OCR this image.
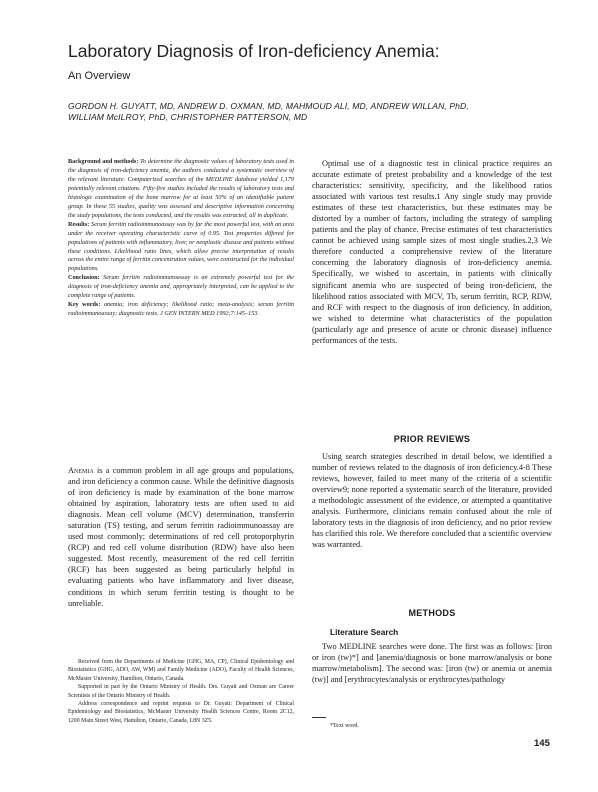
Laboratory Diagnosis of Iron-deficiency Anemia:
An Overview
GORDON H. GUYATT, MD, ANDREW D. OXMAN, MD, MAHMOUD ALI, MD, ANDREW WILLAN, PhD, WILLIAM McILROY, PhD, CHRISTOPHER PATTERSON, MD

Background and methods: To determine the diagnostic values of laboratory tests used in the diagnosis of iron-deficiency anemia, the authors conducted a systematic overview of the relevant literature. Computerized searches of the MEDLINE database yielded 1,179 potentially relevant citations. Fifty-five studies included the results of laboratory tests and histologic examination of the bone marrow for at least 50% of an identifiable patient group. In these 55 studies, quality was assessed and descriptive information concerning the study populations, the tests conducted, and the results was extracted, all in duplicate.

Results: Serum ferritin radioimmunoassay was by far the most powerful test, with an area under the receiver operating characteristic curve of 0.95. Test properties differed for populations of patients with inflammatory, liver, or neoplastic disease and patients without these conditions. Likelihood ratio lines, which allow precise interpretation of results across the entire range of ferritin concentration values, were constructed for the individual populations.

Conclusion: Serum ferritin radioimmunoassay is an extremely powerful test for the diagnosis of iron-deficiency anemia and, appropriately interpreted, can be applied to the complete range of patients.

Key words: anemia; iron deficiency; likelihood ratio; meta-analysis; serum ferritin radioimmunoassay; diagnostic tests. J GEN INTERN MED 1992;7:145–153.

Optimal use of a diagnostic test in clinical practice requires an accurate estimate of pretest probability and a knowledge of the test characteristics: sensitivity, specificity, and the likelihood ratios associated with various test results.1 Any single study may provide estimates of these test characteristics, but these estimates may be distorted by a number of factors, including the strategy of sampling patients and the play of chance. Precise estimates of test characteristics cannot be achieved using sample sizes of most single studies.2,3 We therefore conducted a comprehensive review of the literature concerning the laboratory diagnosis of iron-deficiency anemia. Specifically, we wished to ascertain, in patients with clinically significant anemia who are suspected of being iron-deficient, the likelihood ratios associated with MCV, Tb, serum ferritin, RCP, RDW, and RCF with respect to the diagnosis of iron deficiency. In addition, we wished to determine what characteristics of the population (particularly age and presence of acute or chronic disease) influence performances of the tests.

Anemia is a common problem in all age groups and populations, and iron deficiency a common cause. While the definitive diagnosis of iron deficiency is made by examination of the bone marrow obtained by aspiration, laboratory tests are often used to aid diagnosis. Mean cell volume (MCV) determination, transferrin saturation (TS) testing, and serum ferritin radioimmunoassay are used most commonly; determinations of red cell protoporphyrin (RCP) and red cell volume distribution (RDW) have also been suggested. Most recently, measurement of the red cell ferritin (RCF) has been suggested as being particularly helpful in evaluating patients who have inflammatory and liver disease, conditions in which serum ferritin testing is thought to be unreliable.

PRIOR REVIEWS

Using search strategies described in detail below, we identified a number of reviews related to the diagnosis of iron deficiency.4-8 These reviews, however, failed to meet many of the criteria of a scientific overview9; none reported a systematic search of the literature, provided a methodologic assessment of the evidence, or attempted a quantitative analysis. Furthermore, clinicians remain confused about the role of laboratory tests in the diagnosis of iron deficiency, and no prior review has clarified this role. We therefore concluded that a scientific overview was warranted.

METHODS
Literature Search

Two MEDLINE searches were done. The first was as follows: [iron or iron (tw)*] and [anemia/diagnosis or bone marrow/analysis or bone marrow/metabolism]. The second was: [iron (tw) or anemia or anemia (tw)] and [erythrocytes/analysis or erythrocytes/pathology

Received from the Departments of Medicine (GHG, MA, CP), Clinical Epidemiology and Biostatistics (GHG, ADO, AW, WM) and Family Medicine (ADO), Faculty of Health Sciences, McMaster University, Hamilton, Ontario, Canada.

Supported in part by the Ontario Ministry of Health. Drs. Guyatt and Oxman are Career Scientists of the Ontario Ministry of Health.

Address correspondence and reprint requests to Dr. Guyatt: Department of Clinical Epidemiology and Biostatistics, McMaster University Health Sciences Centre, Room 2C12, 1200 Main Street West, Hamilton, Ontario, Canada, L8N 3Z5.

*Text word.
145
